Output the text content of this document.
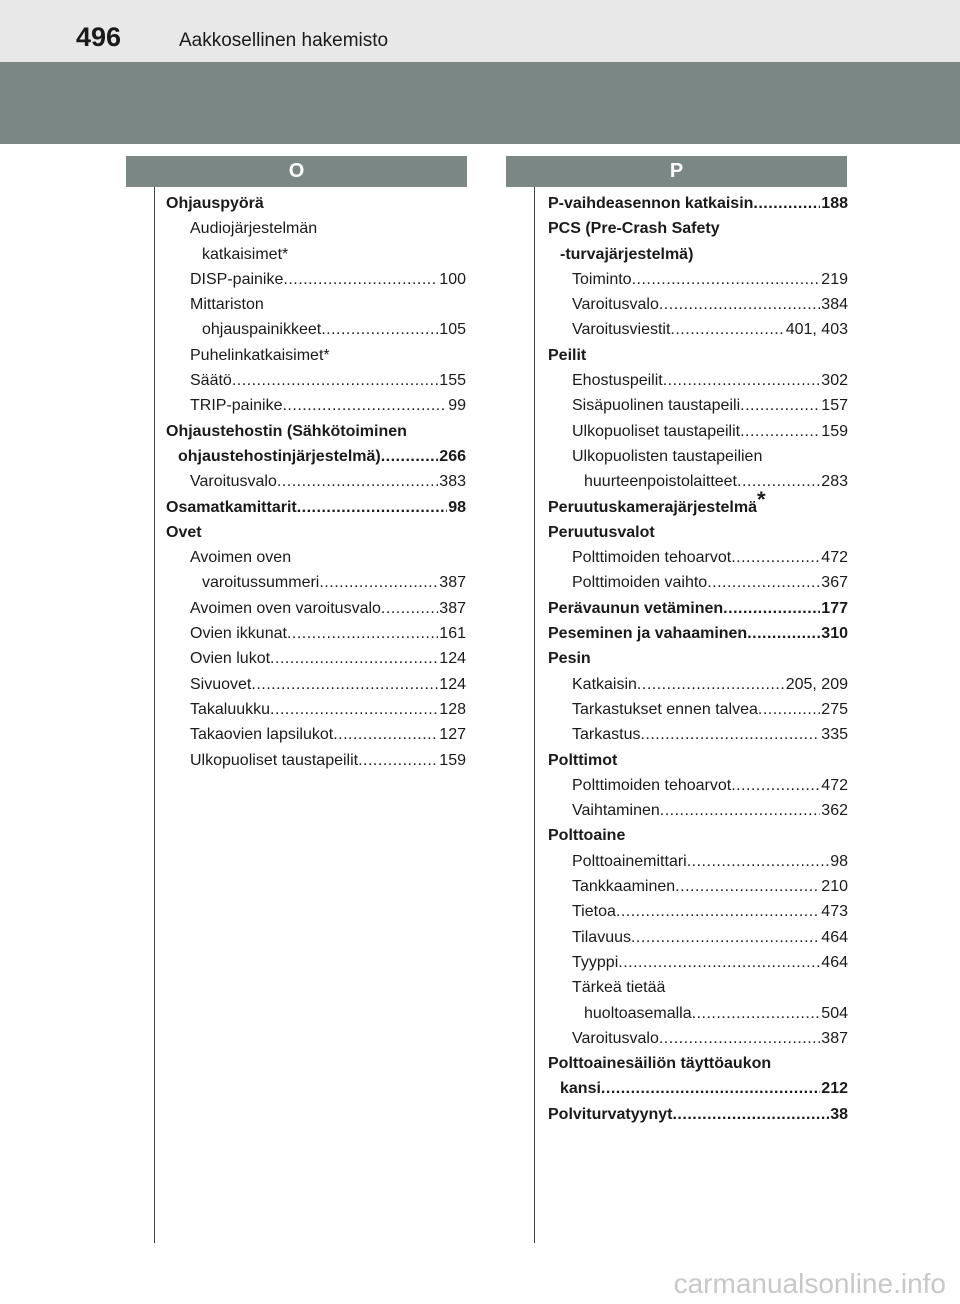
496	Aakkosellinen hakemisto
O	P
Ohjauspyörä
Audiojärjestelmän
katkaisimet*
DISP-painike .....	100
Mittariston
ohjauspainikkeet .....	105
Puhelinkatkaisimet*
Säätö .....	155
TRIP-painike .....	99
Ohjaustehostin (Sähkötoiminen
ohjaustehostinjärjestelmä) .....	266
Varoitusvalo .....	383
Osamatkamittarit .....	98
Ovet
Avoimen oven
varoitussummeri .....	387
Avoimen oven varoitusvalo .....	387
Ovien ikkunat .....	161
Ovien lukot .....	124
Sivuovet .....	124
Takaluukku .....	128
Takaovien lapsilukot .....	127
Ulkopuoliset taustapeilit .....	159
P-vaihdeasennon katkaisin .....	188
PCS (Pre-Crash Safety
-turvajärjestelmä)
Toiminto .....	219
Varoitusvalo .....	384
Varoitusviestit .....	401, 403
Peilit
Ehostuspeilit .....	302
Sisäpuolinen taustapeili .....	157
Ulkopuoliset taustapeilit .....	159
Ulkopuolisten taustapeilien
huurteenpoistolaitteet .....	283
Peruutuskamerajärjestelmä *
Peruutusvalot
Polttimoiden tehoarvot .....	472
Polttimoiden vaihto .....	367
Perävaunun vetäminen .....	177
Peseminen ja vahaaminen .....	310
Pesin
Katkaisin .....	205, 209
Tarkastukset ennen talvea .....	275
Tarkastus .....	335
Polttimot
Polttimoiden tehoarvot .....	472
Vaihtaminen .....	362
Polttoaine
Polttoainemittari .....	98
Tankkaaminen .....	210
Tietoa .....	473
Tilavuus .....	464
Tyyppi .....	464
Tärkeä tietää
huoltoasemalla .....	504
Varoitusvalo .....	387
Polttoainesäiliön täyttöaukon
kansi .....	212
Polviturvatyynyt .....	38
carmanualsonline.info
